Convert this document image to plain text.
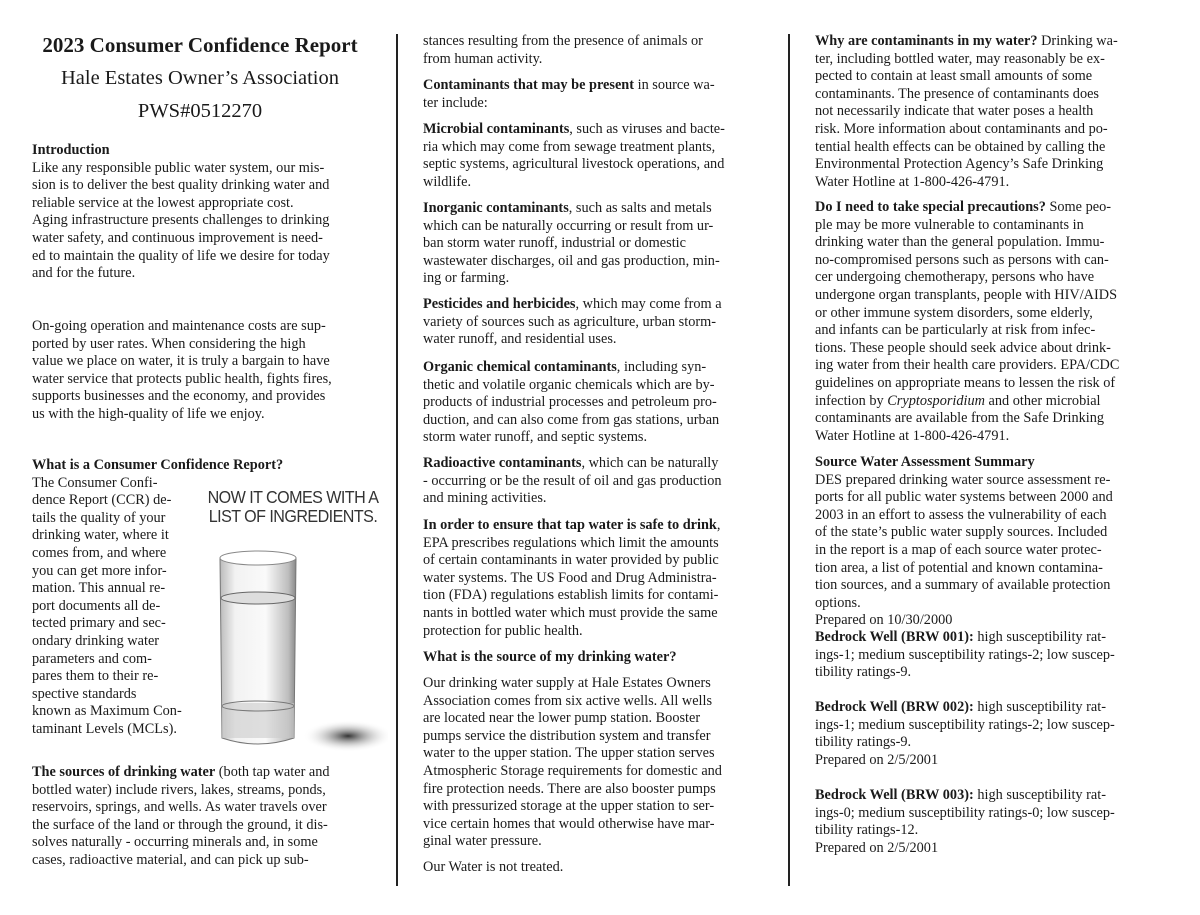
2023 Consumer Confidence Report
Hale Estates Owner’s Association
PWS#0512270
Introduction
Like any responsible public water system, our mis-
sion is to deliver the best quality drinking water and
reliable service at the lowest appropriate cost.
Aging infrastructure presents challenges to drinking
water safety, and continuous improvement is need-
ed to maintain the quality of life we desire for today
and for the future.
On-going operation and maintenance costs are sup-
ported by user rates. When considering the high
value we place on water, it is truly a bargain to have
water service that protects public health, fights fires,
supports businesses and the economy, and provides
us with the high-quality of life we enjoy.
What is a Consumer Confidence Report?
The Consumer Confi-
dence Report (CCR) de-
tails the quality of your
drinking water, where it
comes from, and where
you can get more infor-
mation. This annual re-
port documents all de-
tected primary and sec-
ondary drinking water
parameters and com-
pares them to their re-
spective standards
known as Maximum Con-
taminant Levels (MCLs).
NOW IT COMES WITH A
LIST OF INGREDIENTS.
The sources of drinking water (both tap water and
bottled water) include rivers, lakes, streams, ponds,
reservoirs, springs, and wells. As water travels over
the surface of the land or through the ground, it dis-
solves naturally - occurring minerals and, in some
cases, radioactive material, and can pick up sub-
stances resulting from the presence of animals or
from human activity.
Contaminants that may be present in source wa-
ter include:
Microbial contaminants, such as viruses and bacte-
ria which may come from sewage treatment plants,
septic systems, agricultural livestock operations, and
wildlife.
Inorganic contaminants, such as salts and metals
which can be naturally occurring or result from ur-
ban storm water runoff, industrial or domestic
wastewater discharges, oil and gas production, min-
ing or farming.
Pesticides and herbicides, which may come from a
variety of sources such as agriculture, urban storm-
water runoff, and residential uses.
Organic chemical contaminants, including syn-
thetic and volatile organic chemicals which are by-
products of industrial processes and petroleum pro-
duction, and can also come from gas stations, urban
storm water runoff, and septic systems.
Radioactive contaminants, which can be naturally
- occurring or be the result of oil and gas production
and mining activities.
In order to ensure that tap water is safe to drink,
EPA prescribes regulations which limit the amounts
of certain contaminants in water provided by public
water systems. The US Food and Drug Administra-
tion (FDA) regulations establish limits for contami-
nants in bottled water which must provide the same
protection for public health.
What is the source of my drinking water?
Our drinking water supply at Hale Estates Owners
Association comes from six active wells. All wells
are located near the lower pump station. Booster
pumps service the distribution system and transfer
water to the upper station. The upper station serves
Atmospheric Storage requirements for domestic and
fire protection needs. There are also booster pumps
with pressurized storage at the upper station to ser-
vice certain homes that would otherwise have mar-
ginal water pressure.
Our Water is not treated.
Why are contaminants in my water? Drinking wa-
ter, including bottled water, may reasonably be ex-
pected to contain at least small amounts of some
contaminants. The presence of contaminants does
not necessarily indicate that water poses a health
risk. More information about contaminants and po-
tential health effects can be obtained by calling the
Environmental Protection Agency’s Safe Drinking
Water Hotline at 1-800-426-4791.
Do I need to take special precautions? Some peo-
ple may be more vulnerable to contaminants in
drinking water than the general population. Immu-
no-compromised persons such as persons with can-
cer undergoing chemotherapy, persons who have
undergone organ transplants, people with HIV/AIDS
or other immune system disorders, some elderly,
and infants can be particularly at risk from infec-
tions. These people should seek advice about drink-
ing water from their health care providers. EPA/CDC
guidelines on appropriate means to lessen the risk of
infection by Cryptosporidium and other microbial
contaminants are available from the Safe Drinking
Water Hotline at 1-800-426-4791.
Source Water Assessment Summary
DES prepared drinking water source assessment re-
ports for all public water systems between 2000 and
2003 in an effort to assess the vulnerability of each
of the state’s public water supply sources. Included
in the report is a map of each source water protec-
tion area, a list of potential and known contamina-
tion sources, and a summary of available protection
options.
Prepared on 10/30/2000
Bedrock Well (BRW 001): high susceptibility rat-
ings-1; medium susceptibility ratings-2; low suscep-
tibility ratings-9.
Bedrock Well (BRW 002): high susceptibility rat-
ings-1; medium susceptibility ratings-2; low suscep-
tibility ratings-9.
Prepared on 2/5/2001
Bedrock Well (BRW 003): high susceptibility rat-
ings-0; medium susceptibility ratings-0; low suscep-
tibility ratings-12.
Prepared on 2/5/2001
